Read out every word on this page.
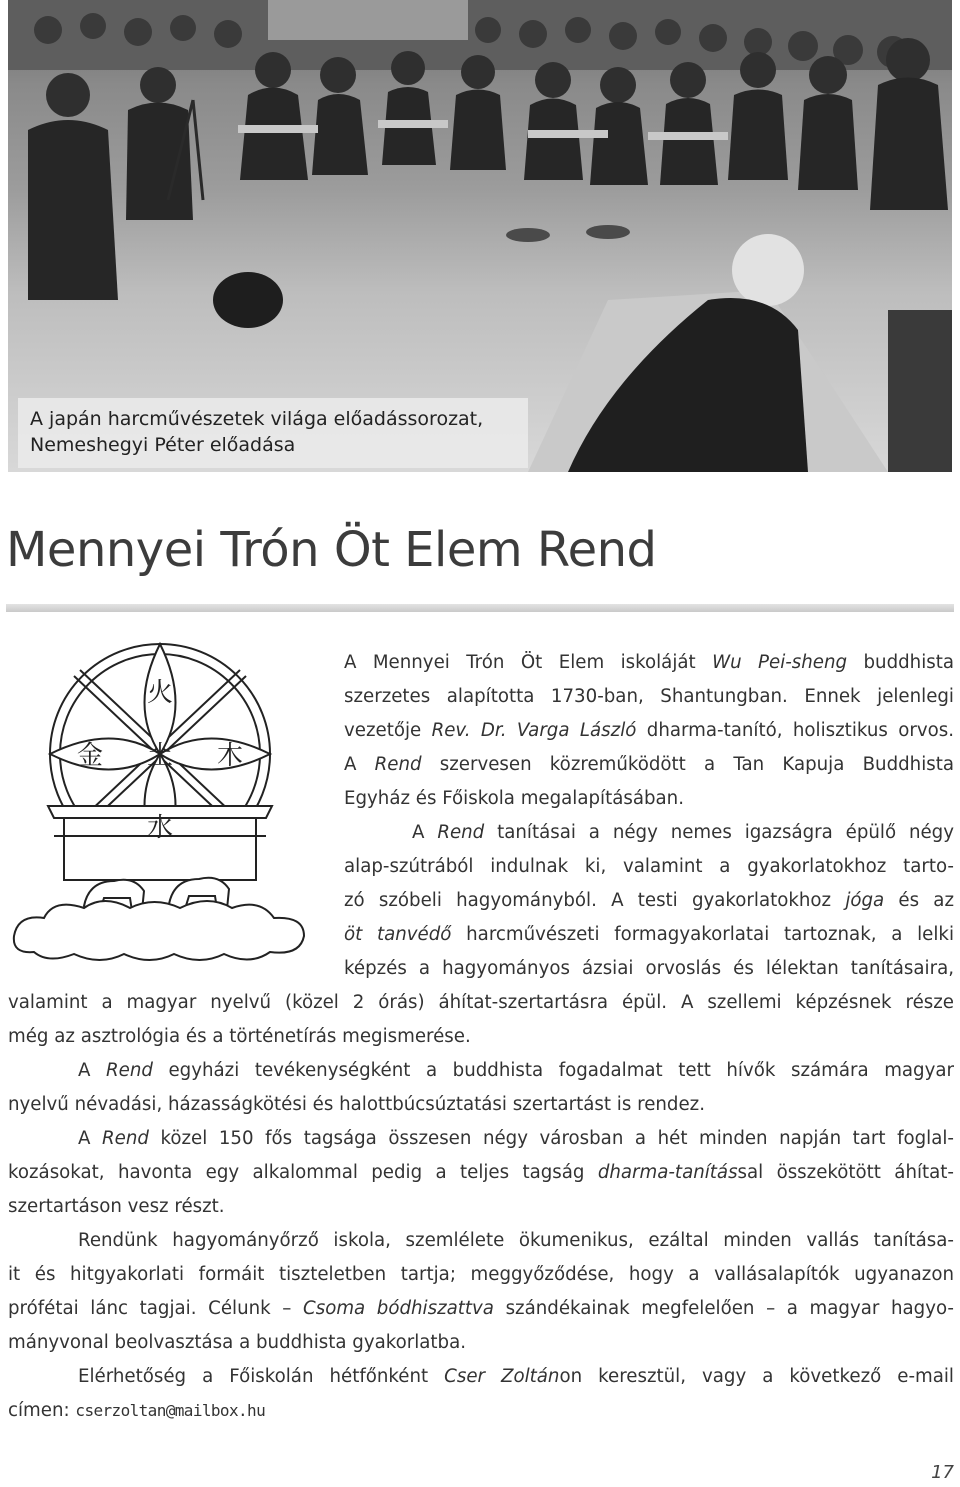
A japán harcművészetek világa előadássorozat,
Nemeshegyi Péter előadása
Mennyei Trón Öt Elem Rend
火
金 土 木
水
A Mennyei Trón Öt Elem iskoláját Wu Pei-sheng buddhista
szerzetes alapította 1730-ban, Shantungban. Ennek jelenlegi
vezetője Rev. Dr. Varga László dharma-tanító, holisztikus orvos.
A Rend szervesen közreműködött a Tan Kapuja Buddhista
Egyház és Főiskola megalapításában.
A Rend tanításai a négy nemes igazságra épülő négy
alap-szútrából indulnak ki, valamint a gyakorlatokhoz tarto-
zó szóbeli hagyományból. A testi gyakorlatokhoz jóga és az
öt tanvédő harcművészeti formagyakorlatai tartoznak, a lelki
képzés a hagyományos ázsiai orvoslás és lélektan tanításaira,
valamint a magyar nyelvű (közel 2 órás) áhítat-szertartásra épül. A szellemi képzésnek része
még az asztrológia és a történetírás megismerése.
A Rend egyházi tevékenységként a buddhista fogadalmat tett hívők számára magyar
nyelvű névadási, házasságkötési és halottbúcsúztatási szertartást is rendez.
A Rend közel 150 fős tagsága összesen négy városban a hét minden napján tart foglal-
kozásokat, havonta egy alkalommal pedig a teljes tagság dharma-tanítással összekötött áhítat-
szertartáson vesz részt.
Rendünk hagyományőrző iskola, szemlélete ökumenikus, ezáltal minden vallás tanítása-
it és hitgyakorlati formáit tiszteletben tartja; meggyőződése, hogy a vallásalapítók ugyanazon
prófétai lánc tagjai. Célunk – Csoma bódhiszattva szándékainak megfelelően – a magyar hagyo-
mányvonal beolvasztása a buddhista gyakorlatba.
Elérhetőség a Főiskolán hétfőnként Cser Zoltánon keresztül, vagy a következő e-mail
címen: cserzoltan@mailbox.hu
17
